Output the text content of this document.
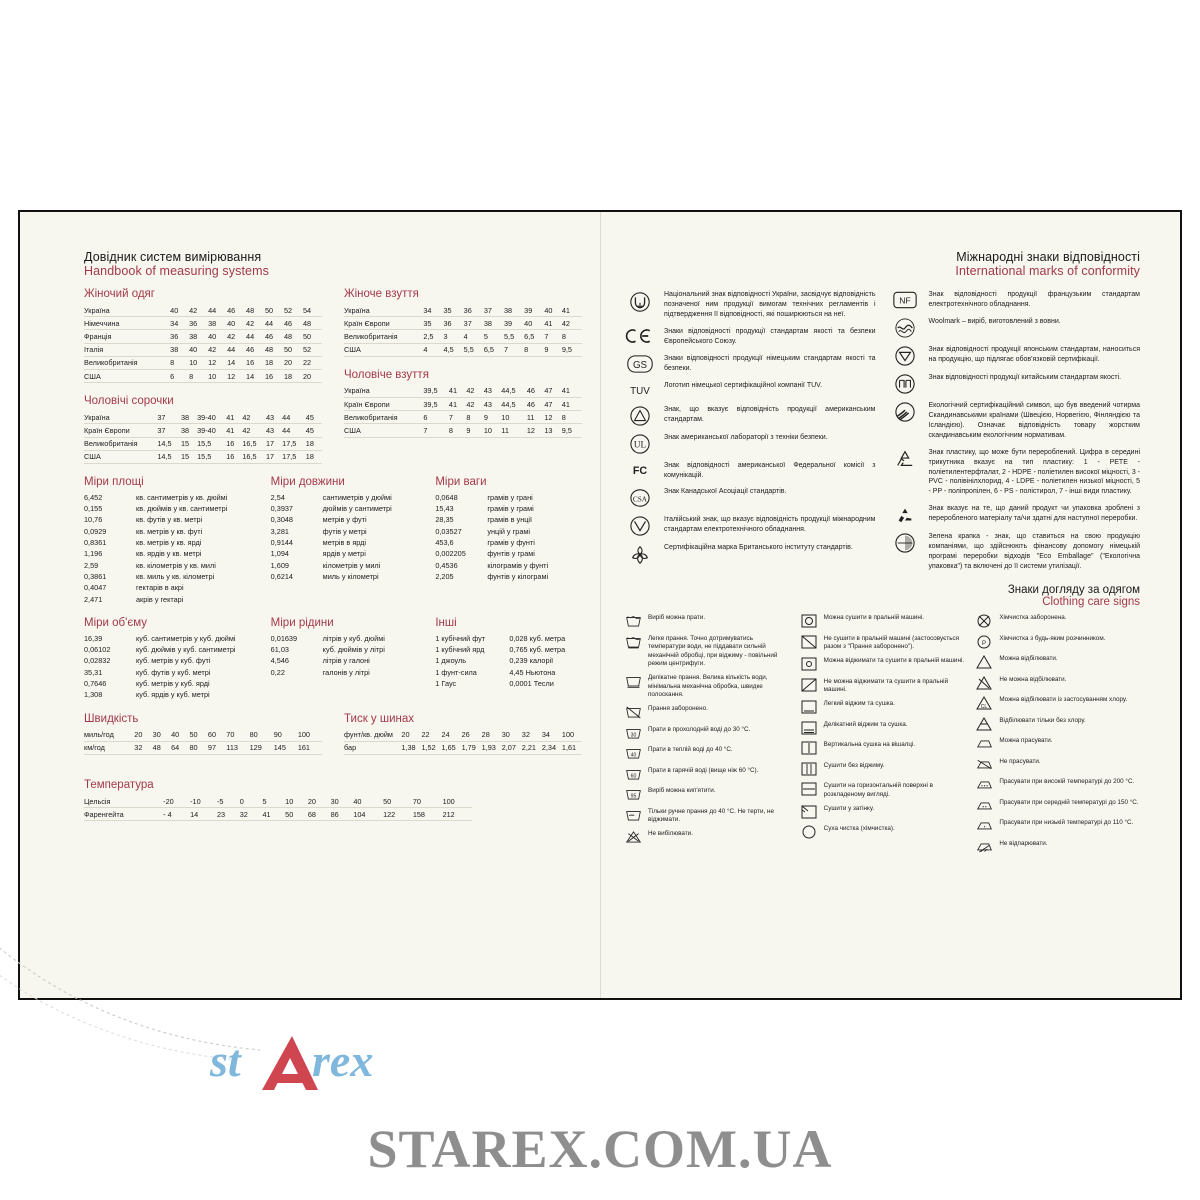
Довідник систем вимірювання
Handbook of measuring systems
Жіночий одяг
Україна	40	42	44	46	48	50	52	54
Німеччина	34	36	38	40	42	44	46	48
Франція	36	38	40	42	44	46	48	50
Італія	38	40	42	44	46	48	50	52
Великобританія	8	10	12	14	16	18	20	22
США	6	8	10	12	14	16	18	20
Чоловічі сорочки
Україна	37	38	39-40	41	42	43	44	45
Країн Європи	37	38	39-40	41	42	43	44	45
Великобританія	14,5	15	15,5	16	16,5	17	17,5	18
США	14,5	15	15,5	16	16,5	17	17,5	18
Жіноче взуття
Україна	34	35	36	37	38	39	40	41
Країн Європи	35	36	37	38	39	40	41	42
Великобританія	2,5	3	4	5	5,5	6,5	7	8
США	4	4,5	5,5	6,5	7	8	9	9,5
Чоловіче взуття
Україна	39,5	41	42	43	44,5	46	47	41
Країн Європи	39,5	41	42	43	44,5	46	47	41
Великобританія	6	7	8	9	10	11	12	8
США	7	8	9	10	11	12	13	9,5
Міри площі
6,452	кв. сантиметрів у кв. дюймі
0,155	кв. дюймів у кв. сантиметрі
10,76	кв. футів у кв. метрі
0,0929	кв. метрів у кв. футі
0,8361	кв. метрів у кв. ярді
1,196	кв. ярдів у кв. метрі
2,59	кв. кілометрів у кв. милі
0,3861	кв. миль у кв. кілометрі
0,4047	гектарів в акрі
2,471	акрів у гектарі
Міри довжини
2,54	сантиметрів у дюймі
0,3937	дюймів у сантиметрі
0,3048	метрів у футі
3,281	футів у метрі
0,9144	метрів в ярді
1,094	ярдів у метрі
1,609	кілометрів у милі
0,6214	миль у кілометрі
Міри ваги
0,0648	грамів у грані
15,43	грамів у грамі
28,35	грамів в унції
0,03527	унцій у грамі
453,6	грамів у фунті
0,002205	фунтів у грамі
0,4536	кілограмів у фунті
2,205	фунтів у кілограмі
Міри об'єму
16,39	куб. сантиметрів у куб. дюймі
0,06102	куб. дюймів у куб. сантиметрі
0,02832	куб. метрів у куб. футі
35,31	куб. футів у куб. метрі
0,7646	куб. метрів у куб. ярді
1,308	куб. ярдів у куб. метрі
Міри рідини
0,01639	літрів у куб. дюймі
61,03	куб. дюймів у літрі
4,546	літрів у галоні
0,22	галонів у літрі
Інші
1 кубічний фут	0,028 куб. метра
1 кубічний ярд	0,765 куб. метра
1 джоуль	0,239 калорії
1 фунт-сила	4,45 Ньютона
1 Гаус	0,0001 Тесли
Швидкість
миль/год	20	30	40	50	60	70	80	90	100
км/год	32	48	64	80	97	113	129	145	161
Тиск у шинах
фунт/кв. дюйм	20	22	24	26	28	30	32	34	100
бар	1,38	1,52	1,65	1,79	1,93	2,07	2,21	2,34	1,61
Температура
Цельсія	-20	-10	-5	0	5	10	20	30	40	50	70	100
Фаренгейта	- 4	14	23	32	41	50	68	86	104	122	158	212
Міжнародні знаки відповідності
International marks of conformity
Національний знак відповідності України, засвідчує відповідність позначеної ним продукції вимогам технічних регламентів і підтвердження її відповідності, які поширюються на неї.
Знаки відповідності продукції стандартам якості та безпеки Європейського Союзу.
GS
Знаки відповідності продукції німецьким стандартам якості та безпеки.
TUV
Логотип німецької сертифікаційної компанії TUV.
Знак, що вказує відповідність продукції американським стандартам.
UL
Знак американської лабораторії з техніки безпеки.
FC Знак відповідності американської Федеральної комісії з комунікацій.
CSA
Знак Канадської Асоціації стандартів.
Італійський знак, що вказує відповідність продукції міжнародним стандартам електротехнічного обладнання.
Сертифікаційна марка Британського інституту стандартів.
NF
Знак відповідності продукції французьким стандартам електротехнічного обладнання.
Woolmark – виріб, виготовлений з вовни.
Знак відповідності продукції японським стандартам, наноситься на продукцію, що підлягає обов'язковій сертифікації.
Знак відповідності продукції китайським стандартам якості.
Екологічний сертифікаційний символ, що був введений чотирма Скандинавськими країнами (Швецією, Норвегією, Фінляндією та Ісландією). Означає відповідність товару жорстким скандинавським екологічним нормативам.
Знак пластику, що може бути перероблений. Цифра в середині трикутника вказує на тип пластику: 1 - PETE - поліетилентерфталат, 2 - HDPE - поліетилен високої міцності, 3 - PVC - полівінілхлорид, 4 - LDPE - поліетилен низької міцності, 5 - PP - поліпропілен, 6 - PS - полістирол, 7 - інші види пластику.
Знак вказує на те, що даний продукт чи упаковка зроблені з переробленого матеріалу та/чи здатні для наступної переробки.
Зелена крапка - знак, що ставиться на свою продукцію компаніями, що здійснюють фінансову допомогу німецькій програмі переробки відходів "Eco Emballage" ("Екологічна упаковка") та включені до її системи утилізації.
Знаки догляду за одягом
Clothing care signs
Виріб можна прати.
Легке прання. Точно дотримуватись температури води, не піддавати сильній механічній обробці, при віджиму - повільний режим центрифуги.
Делікатне прання. Велика кількість води, мінімальна механічна обробка, швидке полоскання.
Прання заборонено.
30
Прати в прохолодній воді до 30 °C.
40
Прати в теплій воді до 40 °C.
60
Прати в гарячій воді (вище ніж 60 °C).
95
Виріб можна кип'ятити.
Тільки ручне прання до 40 °C. Не терти, не віджимати.
Не вибілювати.
Можна сушити в пральній машині.
Не сушити в пральній машині (застосовується разом з "Прання заборонено").
Можна віджимати та сушити в пральній машині.
Не можна віджимати та сушити в пральній машині.
Легкий віджим та сушка.
Делікатний віджим та сушка.
Вертикальна сушка на вішалці.
Сушити без віджиму.
Сушити на горизонтальній поверхні в розкладеному вигляді.
Сушити у затінку.
Суха чистка (хімчистка).
Хімчистка заборонена.
P
Хімчистка з будь-яким розчинником.
Можна відбілювати.
Не можна відбілювати.
CL
Можна відбілювати із застосуванням хлору.
Відбілювати тільки без хлору.
Можна прасувати.
Не прасувати.
Прасувати при високій температурі до 200 °C.
Прасувати при середній температурі до 150 °C.
Прасувати при низькій температурі до 110 °C.
Не відпарювати.
st rex
STAREX.COM.UA
